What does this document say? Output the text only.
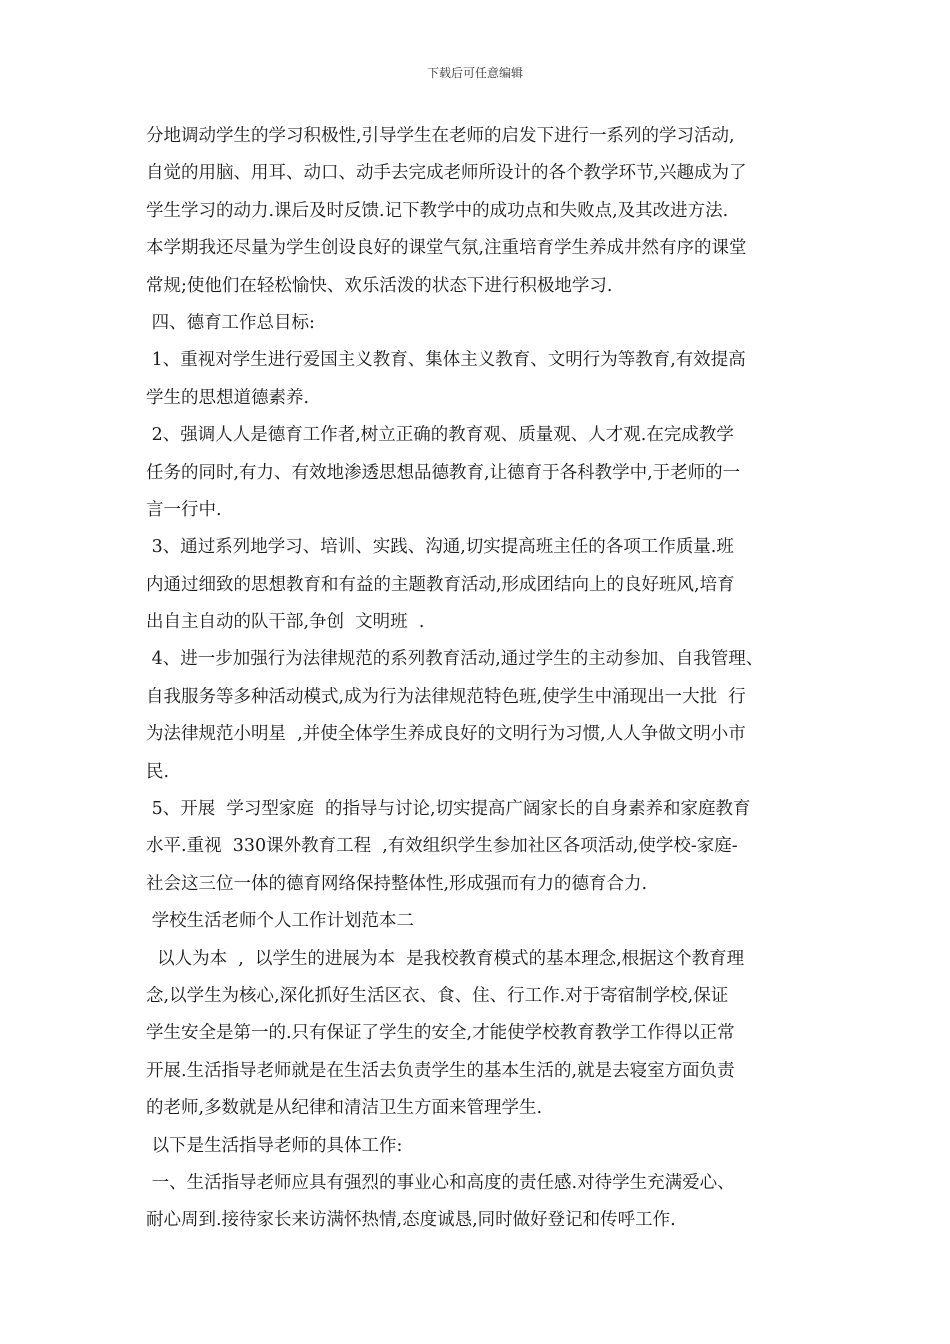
下载后可任意编辑
分地调动学生的学习积极性,引导学生在老师的启发下进行一系列的学习活动,
自觉的用脑、用耳、动口、动手去完成老师所设计的各个教学环节,兴趣成为了
学生学习的动力.课后及时反馈.记下教学中的成功点和失败点,及其改进方法.
本学期我还尽量为学生创设良好的课堂气氛,注重培育学生养成井然有序的课堂
常规;使他们在轻松愉快、欢乐活泼的状态下进行积极地学习.
四、德育工作总目标:
1、重视对学生进行爱国主义教育、集体主义教育、文明行为等教育,有效提高
学生的思想道德素养.
2、强调人人是德育工作者,树立正确的教育观、质量观、人才观.在完成教学
任务的同时,有力、有效地渗透思想品德教育,让德育于各科教学中,于老师的一
言一行中.
3、通过系列地学习、培训、实践、沟通,切实提高班主任的各项工作质量.班
内通过细致的思想教育和有益的主题教育活动,形成团结向上的良好班风,培育
出自主自动的队干部,争创  文明班  .
4、进一步加强行为法律规范的系列教育活动,通过学生的主动参加、自我管理、
自我服务等多种活动模式,成为行为法律规范特色班,使学生中涌现出一大批  行
为法律规范小明星  ,并使全体学生养成良好的文明行为习惯,人人争做文明小市
民.
5、开展  学习型家庭  的指导与讨论,切实提高广阔家长的自身素养和家庭教育
水平.重视  330课外教育工程  ,有效组织学生参加社区各项活动,使学校-家庭-
社会这三位一体的德育网络保持整体性,形成强而有力的德育合力.
学校生活老师个人工作计划范本二
以人为本  ,  以学生的进展为本  是我校教育模式的基本理念,根据这个教育理
念,以学生为核心,深化抓好生活区衣、食、住、行工作.对于寄宿制学校,保证
学生安全是第一的.只有保证了学生的安全,才能使学校教育教学工作得以正常
开展.生活指导老师就是在生活去负责学生的基本生活的,就是去寝室方面负责
的老师,多数就是从纪律和清洁卫生方面来管理学生.
以下是生活指导老师的具体工作:
一、生活指导老师应具有强烈的事业心和高度的责任感.对待学生充满爱心、
耐心周到.接待家长来访满怀热情,态度诚恳,同时做好登记和传呼工作.
